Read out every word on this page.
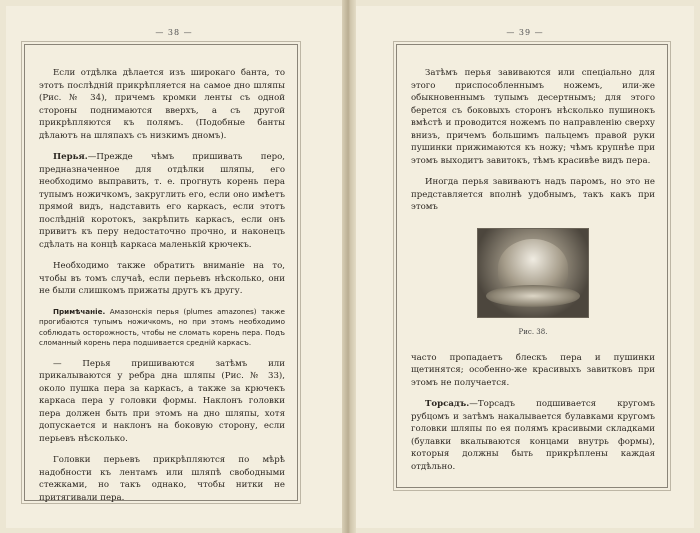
— 38 —

Если отдѣлка дѣлается изъ широкаго банта, то этотъ послѣдній прикрѣпляется на самое дно шляпы (Рис. № 34), причемъ кромки ленты съ одной стороны поднимаются вверхъ, а съ другой прикрѣпляются къ полямъ. (Подобные банты дѣлаютъ на шляпахъ съ низкимъ дномъ).

Перья.—Прежде чѣмъ пришивать перо, предназначенное для отдѣлки шляпы, его необходимо выправить, т. е. прогнуть корень пера тупымъ ножичкомъ, закруглить его, если оно имѣетъ прямой видъ, надставить его каркасъ, если этотъ послѣдній коротокъ, закрѣпить каркасъ, если онъ привитъ къ перу недостаточно прочно, и наконецъ сдѣлать на концѣ каркаса маленькій крючекъ.

Необходимо также обратить вниманіе на то, чтобы въ томъ случаѣ, если перьевъ нѣсколько, они не были слишкомъ прижаты другъ къ другу.

Примѣчаніе. Амазонскія перья (plumes amazones) также прогибаются тупымъ ножичкомъ, но при этомъ необходимо соблюдать осторожность, чтобы не сломать корень пера. Подъ сломанный корень пера подшивается средній каркасъ.

— Перья пришиваются затѣмъ или прикалываются у ребра дна шляпы (Рис. № 33), около пушка пера за каркасъ, а также за крючекъ каркаса пера у головки формы. Наклонъ головки пера должен быть при этомъ на дно шляпы, хотя допускается и наклонъ на боковую сторону, если перьевъ нѣсколько.

Головки перьевъ прикрѣпляются по мѣрѣ надобности къ лентамъ или шляпѣ свободными стежками, но такъ однако, чтобы нитки не притягивали пера.

— 39 —

Затѣмъ перья завиваются или спеціально для этого приспособленнымъ ножемъ, или-же обыкновеннымъ тупымъ десертнымъ; для этого берется съ боковыхъ сторонъ нѣсколько пушинокъ вмѣстѣ и проводится ножемъ по направленію сверху внизъ, причемъ большимъ пальцемъ правой руки пушинки прижимаются къ ножу; чѣмъ крупнѣе при этомъ выходитъ завитокъ, тѣмъ красивѣе видъ пера.

Иногда перья завиваютъ надъ паромъ, но это не представляется вполнѣ удобнымъ, такъ какъ при этомъ

Рис. 38.

часто пропадаетъ блескъ пера и пушинки щетинятся; особенно-же красивыхъ завитковъ при этомъ не получается.

Торсадъ.—Торсадъ подшивается кругомъ рубцомъ и затѣмъ накалывается булавками кругомъ головки шляпы по ея полямъ красивыми складками (булавки вкалываются концами внутрь формы), которыя должны быть прикрѣплены каждая отдѣльно.
